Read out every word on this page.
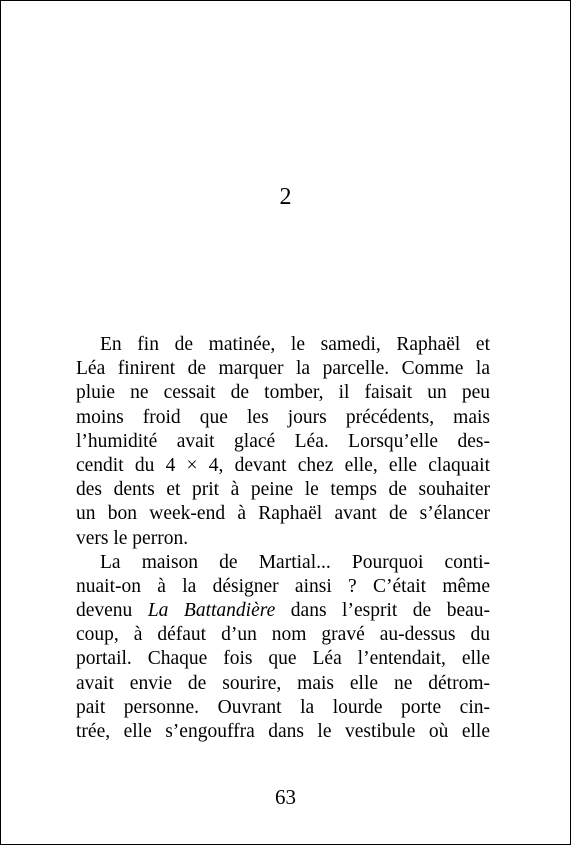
2
En fin de matinée, le samedi, Raphaël et
Léa finirent de marquer la parcelle. Comme la
pluie ne cessait de tomber, il faisait un peu
moins froid que les jours précédents, mais
l’humidité avait glacé Léa. Lorsqu’elle des-
cendit du 4 × 4, devant chez elle, elle claquait
des dents et prit à peine le temps de souhaiter
un bon week-end à Raphaël avant de s’élancer
vers le perron.
La maison de Martial... Pourquoi conti-
nuait-on à la désigner ainsi ? C’était même
devenu La Battandière dans l’esprit de beau-
coup, à défaut d’un nom gravé au-dessus du
portail. Chaque fois que Léa l’entendait, elle
avait envie de sourire, mais elle ne détrom-
pait personne. Ouvrant la lourde porte cin-
trée, elle s’engouffra dans le vestibule où elle
63
